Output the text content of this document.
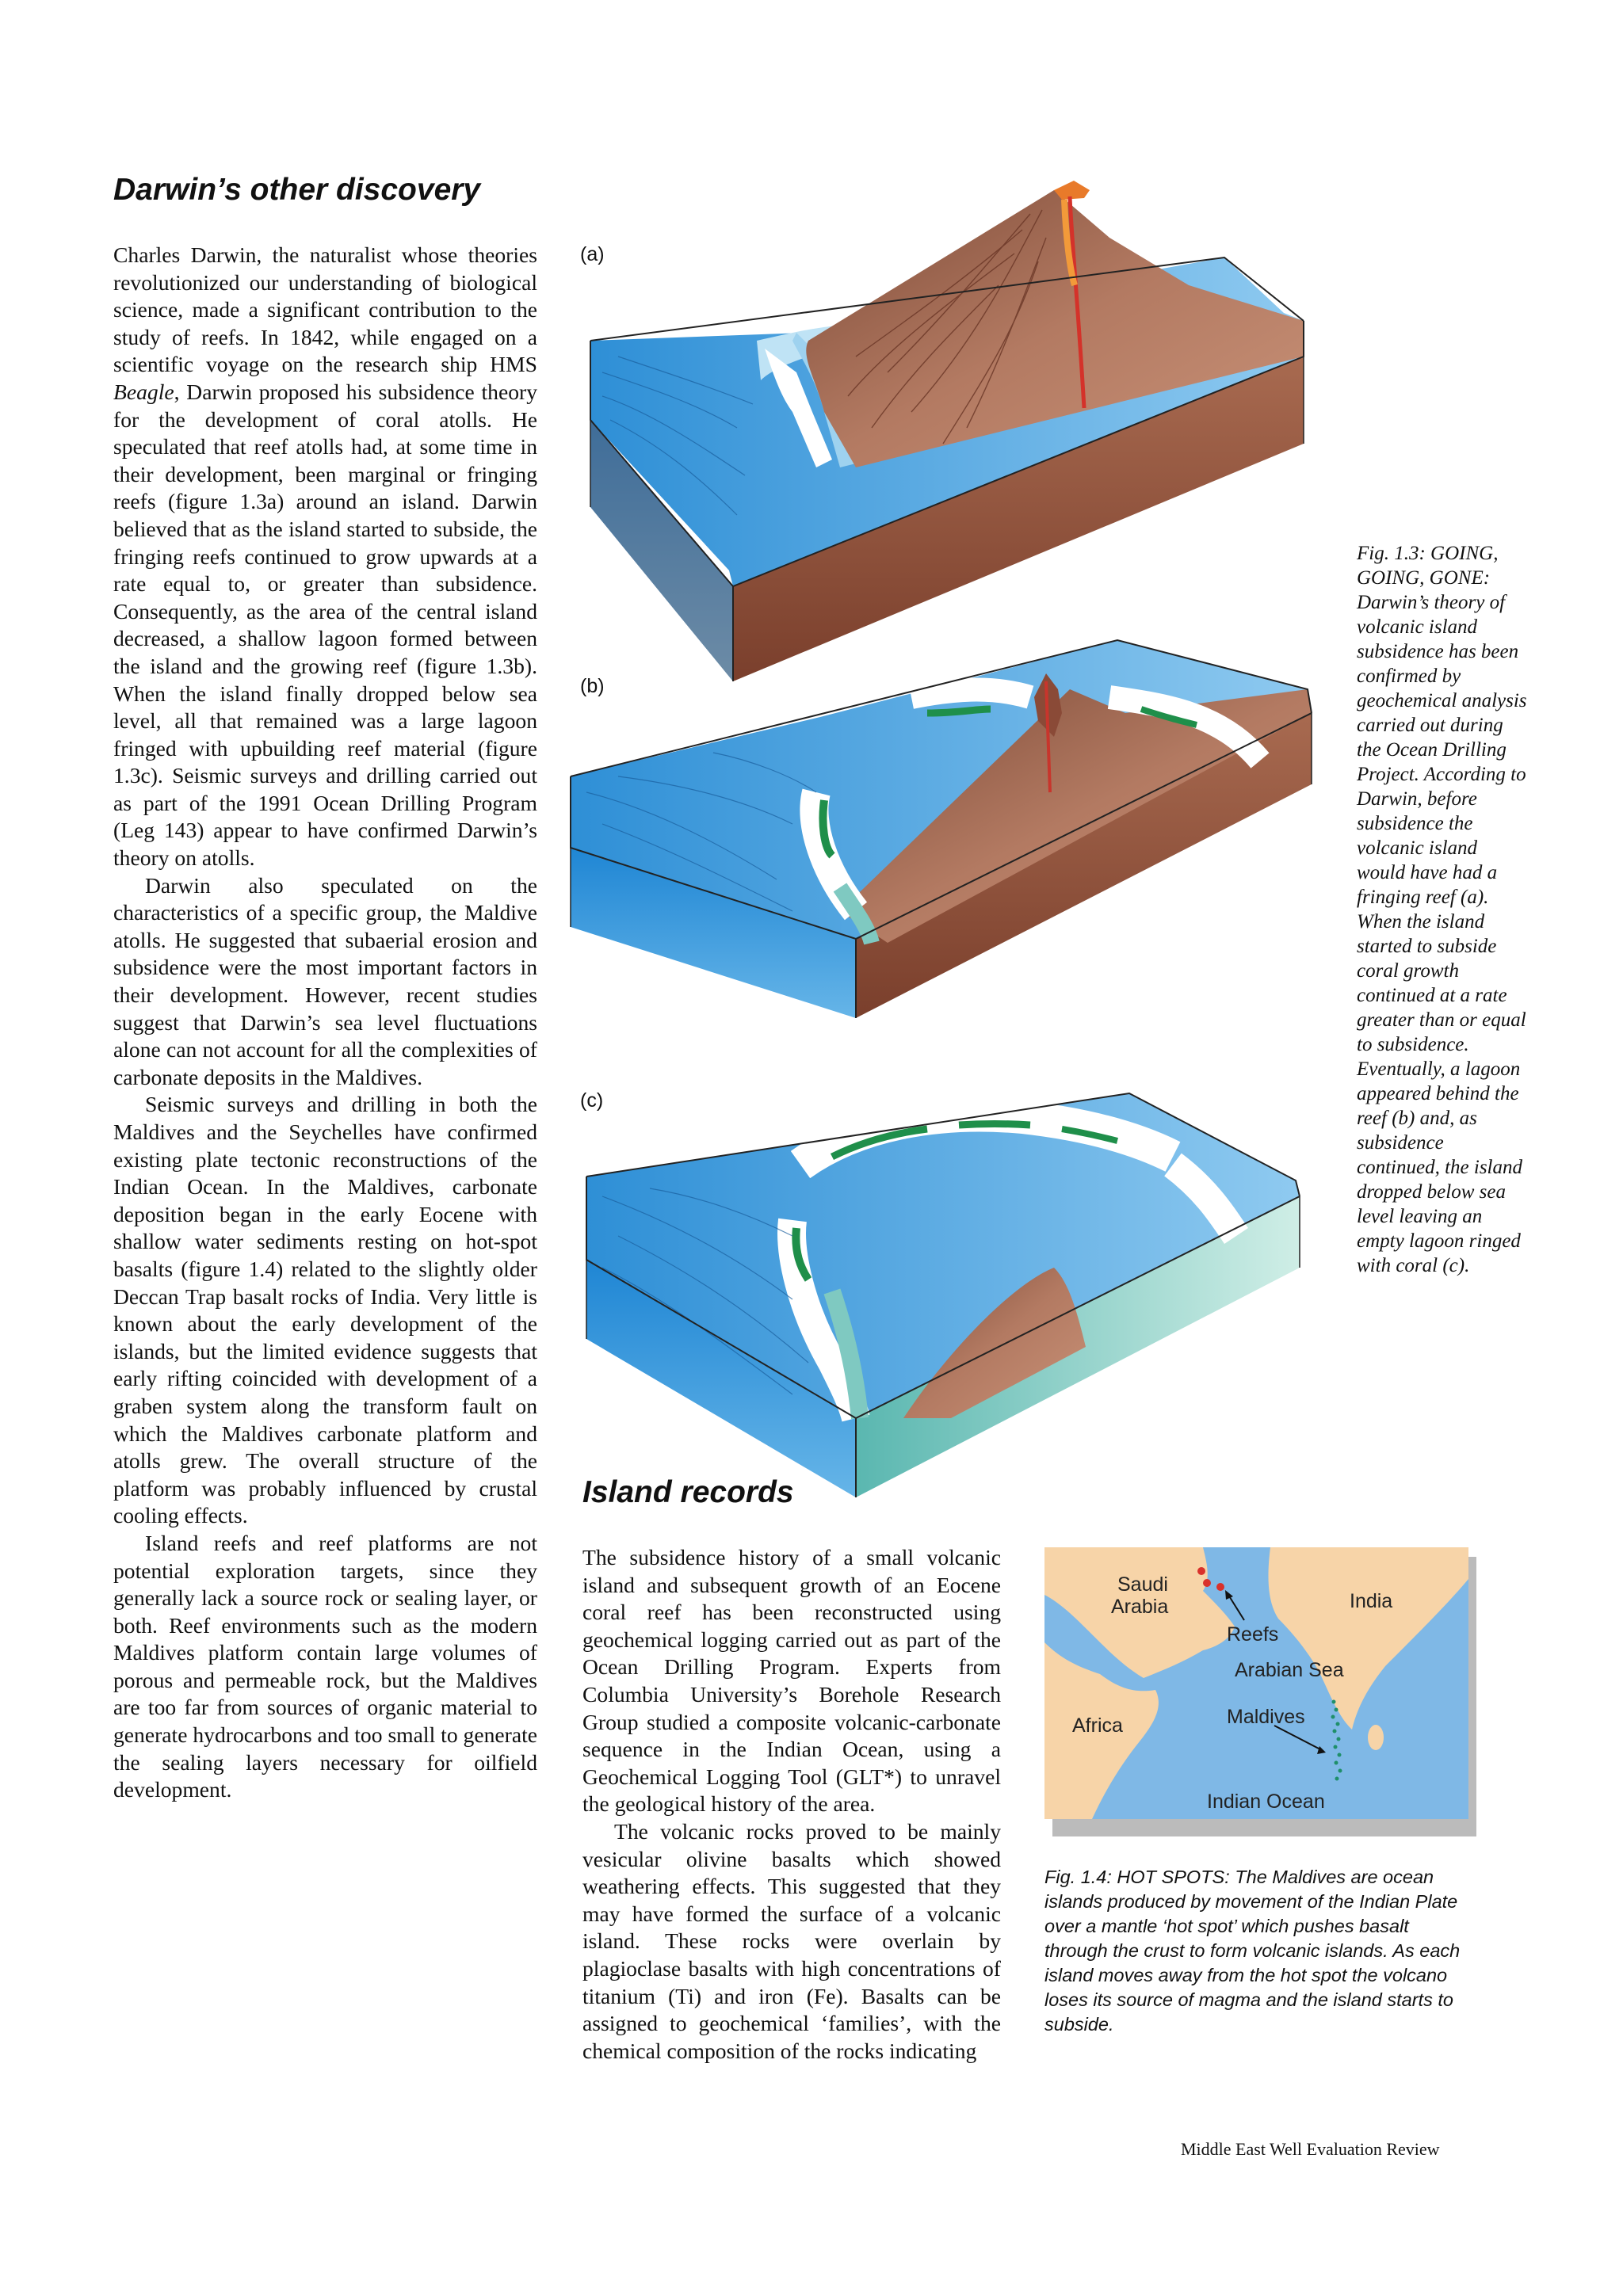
Darwin’s other discovery

Charles Darwin, the naturalist whose theories revolutionized our understanding of biological science, made a significant contribution to the study of reefs. In 1842, while engaged on a scientific voyage on the research ship HMS Beagle, Darwin proposed his subsidence theory for the development of coral atolls. He speculated that reef atolls had, at some time in their development, been marginal or fringing reefs (figure 1.3a) around an island. Darwin believed that as the island started to subside, the fringing reefs continued to grow upwards at a rate equal to, or greater than subsidence. Consequently, as the area of the central island decreased, a shallow lagoon formed between the island and the growing reef (figure 1.3b). When the island finally dropped below sea level, all that remained was a large lagoon fringed with upbuilding reef material (figure 1.3c). Seismic surveys and drilling carried out as part of the 1991 Ocean Drilling Program (Leg 143) appear to have confirmed Darwin’s theory on atolls.

Darwin also speculated on the characteristics of a specific group, the Maldive atolls. He suggested that subaerial erosion and subsidence were the most important factors in their development. However, recent studies suggest that Darwin’s sea level fluctuations alone can not account for all the complexities of carbonate deposits in the Maldives.

Seismic surveys and drilling in both the Maldives and the Seychelles have confirmed existing plate tectonic reconstructions of the Indian Ocean. In the Maldives, carbonate deposition began in the early Eocene with shallow water sediments resting on hot-spot basalts (figure 1.4) related to the slightly older Deccan Trap basalt rocks of India. Very little is known about the early development of the islands, but the limited evidence suggests that early rifting coincided with development of a graben system along the transform fault on which the Maldives carbonate platform and atolls grew. The overall structure of the platform was probably influenced by crustal cooling effects.

Island reefs and reef platforms are not potential exploration targets, since they generally lack a source rock or sealing layer, or both. Reef environments such as the modern Maldives platform contain large volumes of porous and permeable rock, but the Maldives are too far from sources of organic material to generate hydrocarbons and too small to generate the sealing layers necessary for oilfield development.

(a)
(b)
(c)
Fig. 1.3: GOING, GOING, GONE: Darwin’s theory of volcanic island subsidence has been confirmed by geochemical analysis carried out during the Ocean Drilling Project. According to Darwin, before subsidence the volcanic island would have had a fringing reef (a). When the island started to subside coral growth continued at a rate greater than or equal to subsidence. Eventually, a lagoon appeared behind the reef (b) and, as subsidence continued, the island dropped below sea level leaving an empty lagoon ringed with coral (c).
Island records

The subsidence history of a small volcanic island and subsequent growth of an Eocene coral reef has been reconstructed using geochemical logging carried out as part of the Ocean Drilling Program. Experts from Columbia University’s Borehole Research Group studied a composite volcanic-carbonate sequence in the Indian Ocean, using a Geochemical Logging Tool (GLT*) to unravel the geological history of the area.

The volcanic rocks proved to be mainly vesicular olivine basalts which showed weathering effects. This suggested that they may have formed the surface of a volcanic island. These rocks were overlain by plagioclase basalts with high concentrations of titanium (Ti) and iron (Fe). Basalts can be assigned to geochemical ‘families’, with the chemical composition of the rocks indicating

Saudi
Arabia	India
Reefs
Arabian Sea
Africa	Maldives
Indian Ocean
Fig. 1.4: HOT SPOTS: The Maldives are ocean islands produced by movement of the Indian Plate over a mantle ‘hot spot’ which pushes basalt through the crust to form volcanic islands. As each island moves away from the hot spot the volcano loses its source of magma and the island starts to subside.
Middle East Well Evaluation Review
